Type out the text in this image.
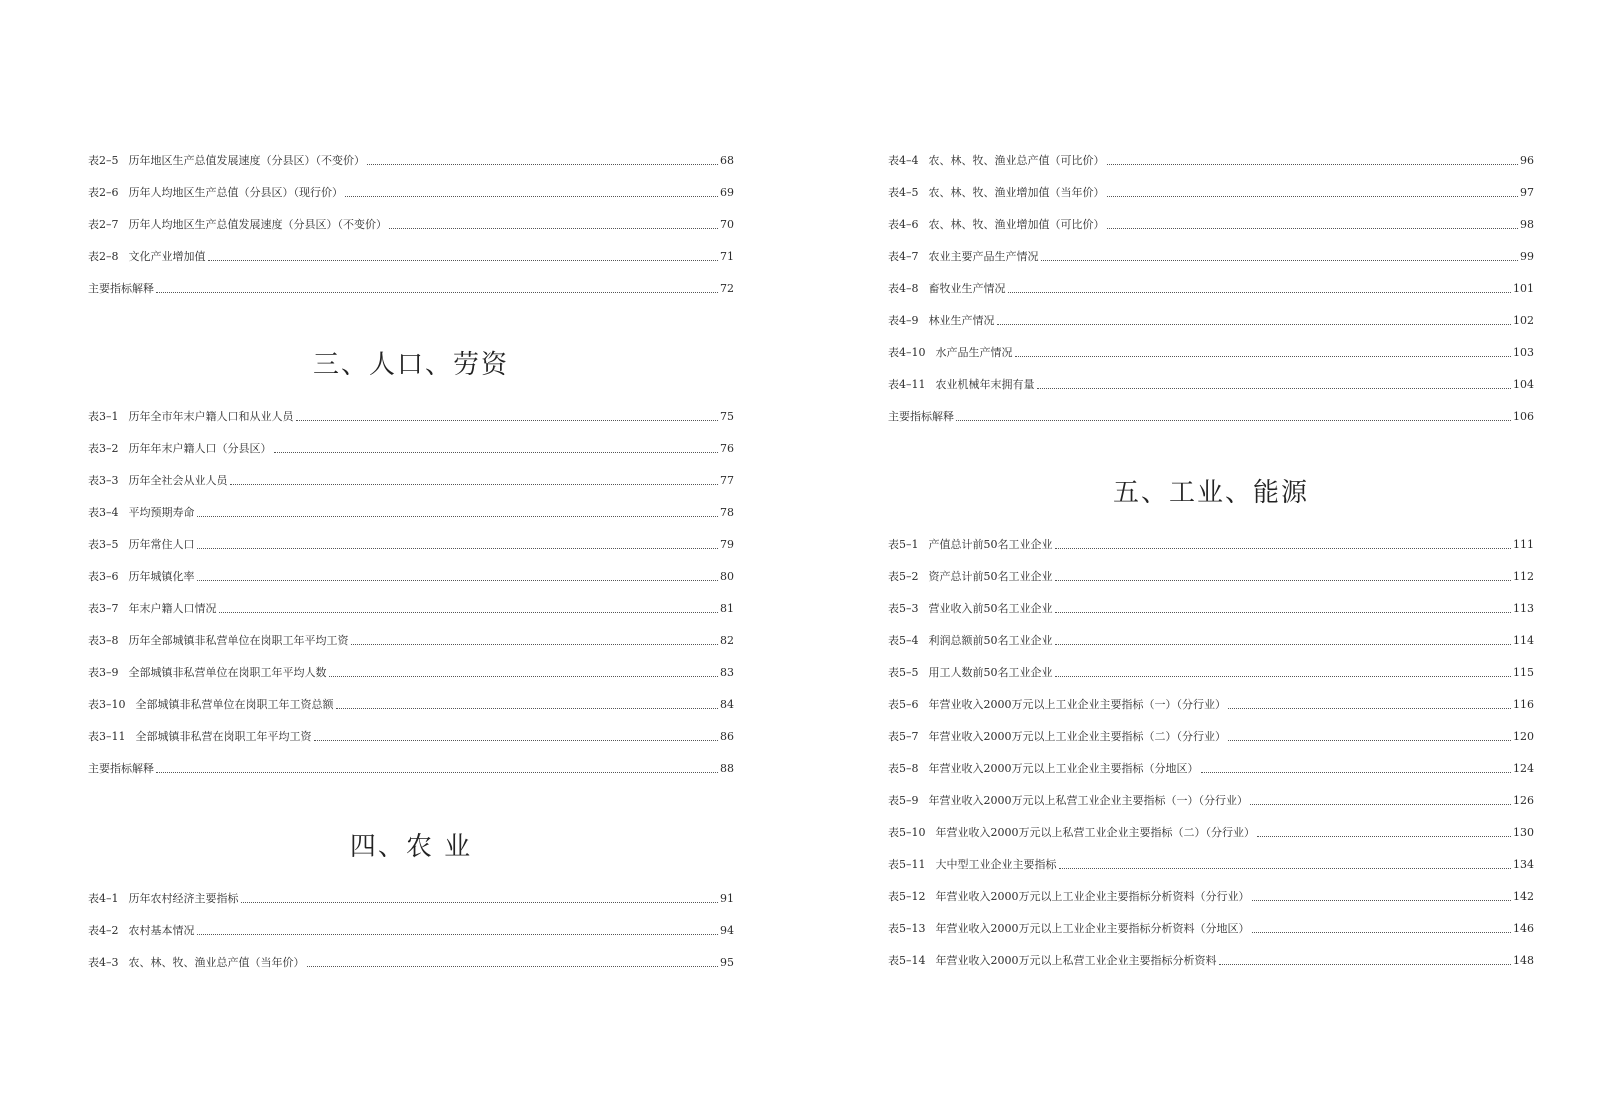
表2–5 历年地区生产总值发展速度（分县区）（不变价）	68
表2–6 历年人均地区生产总值（分县区）（现行价）	69
表2–7 历年人均地区生产总值发展速度（分县区）（不变价）	70
表2–8 文化产业增加值	71
主要指标解释	72
三、人口、劳资
表3–1 历年全市年末户籍人口和从业人员	75
表3–2 历年年末户籍人口（分县区）	76
表3–3 历年全社会从业人员	77
表3–4 平均预期寿命	78
表3–5 历年常住人口	79
表3–6 历年城镇化率	80
表3–7 年末户籍人口情况	81
表3–8 历年全部城镇非私营单位在岗职工年平均工资	82
表3–9 全部城镇非私营单位在岗职工年平均人数	83
表3–10 全部城镇非私营单位在岗职工年工资总额	84
表3–11 全部城镇非私营在岗职工年平均工资	86
主要指标解释	88
四、农 业
表4–1 历年农村经济主要指标	91
表4–2 农村基本情况	94
表4–3 农、林、牧、渔业总产值（当年价）	95
表4–4 农、林、牧、渔业总产值（可比价）	96
表4–5 农、林、牧、渔业增加值（当年价）	97
表4–6 农、林、牧、渔业增加值（可比价）	98
表4–7 农业主要产品生产情况	99
表4–8 畜牧业生产情况	101
表4–9 林业生产情况	102
表4–10 水产品生产情况	103
表4–11 农业机械年末拥有量	104
主要指标解释	106
五、工业、能源
表5–1 产值总计前50名工业企业	111
表5–2 资产总计前50名工业企业	112
表5–3 营业收入前50名工业企业	113
表5–4 利润总额前50名工业企业	114
表5–5 用工人数前50名工业企业	115
表5–6 年营业收入2000万元以上工业企业主要指标（一）（分行业）	116
表5–7 年营业收入2000万元以上工业企业主要指标（二）（分行业）	120
表5–8 年营业收入2000万元以上工业企业主要指标（分地区）	124
表5–9 年营业收入2000万元以上私营工业企业主要指标（一）（分行业）	126
表5–10 年营业收入2000万元以上私营工业企业主要指标（二）（分行业）	130
表5–11 大中型工业企业主要指标	134
表5–12 年营业收入2000万元以上工业企业主要指标分析资料（分行业）	142
表5–13 年营业收入2000万元以上工业企业主要指标分析资料（分地区）	146
表5–14 年营业收入2000万元以上私营工业企业主要指标分析资料	148
